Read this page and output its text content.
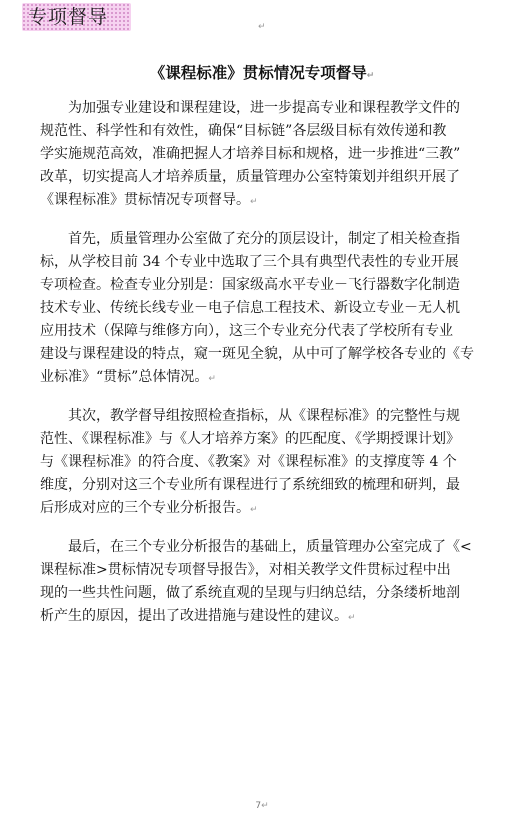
专项督导	↵
《课程标准》贯标情况专项督导↵
为加强专业建设和课程建设，进一步提高专业和课程教学文件的
规范性、科学性和有效性，确保“目标链”各层级目标有效传递和教
学实施规范高效，准确把握人才培养目标和规格，进一步推进“三教”
改革，切实提高人才培养质量，质量管理办公室特策划并组织开展了
《课程标准》贯标情况专项督导。↵
首先，质量管理办公室做了充分的顶层设计，制定了相关检查指
标，从学校目前 34 个专业中选取了三个具有典型代表性的专业开展
专项检查。检查专业分别是：国家级高水平专业－飞行器数字化制造
技术专业、传统长线专业－电子信息工程技术、新设立专业－无人机
应用技术（保障与维修方向），这三个专业充分代表了学校所有专业
建设与课程建设的特点，窥一斑见全貌，从中可了解学校各专业的《专
业标准》“贯标”总体情况。↵
其次，教学督导组按照检查指标，从《课程标准》的完整性与规
范性、《课程标准》与《人才培养方案》的匹配度、《学期授课计划》
与《课程标准》的符合度、《教案》对《课程标准》的支撑度等 4 个
维度，分别对这三个专业所有课程进行了系统细致的梳理和研判，最
后形成对应的三个专业分析报告。↵
最后，在三个专业分析报告的基础上，质量管理办公室完成了《<
课程标准>贯标情况专项督导报告》，对相关教学文件贯标过程中出
现的一些共性问题，做了系统直观的呈现与归纳总结，分条缕析地剖
析产生的原因，提出了改进措施与建设性的建议。↵
7↵
